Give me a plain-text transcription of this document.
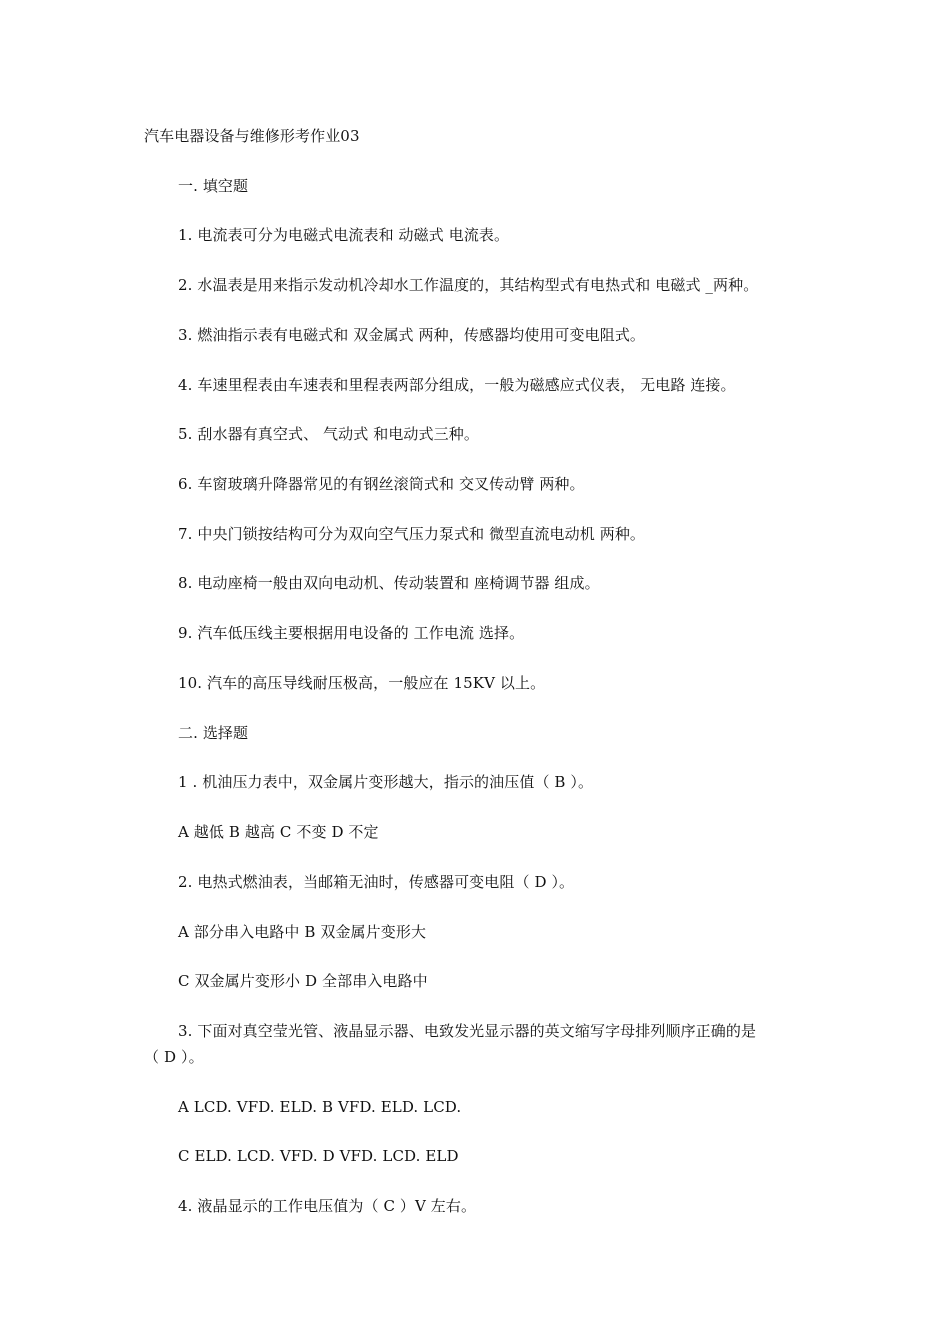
汽车电器设备与维修形考作业03
一. 填空题
1. 电流表可分为电磁式电流表和 动磁式 电流表。
2. 水温表是用来指示发动机冷却水工作温度的，其结构型式有电热式和 电磁式 _两种。
3. 燃油指示表有电磁式和 双金属式 两种，传感器均使用可变电阻式。
4. 车速里程表由车速表和里程表两部分组成，一般为磁感应式仪表， 无电路 连接。
5. 刮水器有真空式、 气动式 和电动式三种。
6. 车窗玻璃升降器常见的有钢丝滚筒式和 交叉传动臂 两种。
7. 中央门锁按结构可分为双向空气压力泵式和 微型直流电动机 两种。
8. 电动座椅一般由双向电动机、传动装置和 座椅调节器 组成。
9. 汽车低压线主要根据用电设备的 工作电流 选择。
10. 汽车的高压导线耐压极高，一般应在 15KV 以上。
二. 选择题
1 . 机油压力表中，双金属片变形越大，指示的油压值（ B ）。
A 越低 B 越高 C 不变 D 不定
2. 电热式燃油表，当邮箱无油时，传感器可变电阻（ D ）。
A 部分串入电路中 B 双金属片变形大
C 双金属片变形小 D 全部串入电路中
3. 下面对真空莹光管、液晶显示器、电致发光显示器的英文缩写字母排列顺序正确的是
（ D ）。
A LCD. VFD. ELD. B VFD. ELD. LCD.
C ELD. LCD. VFD. D VFD. LCD. ELD
4. 液晶显示的工作电压值为（ C ）V 左右。
